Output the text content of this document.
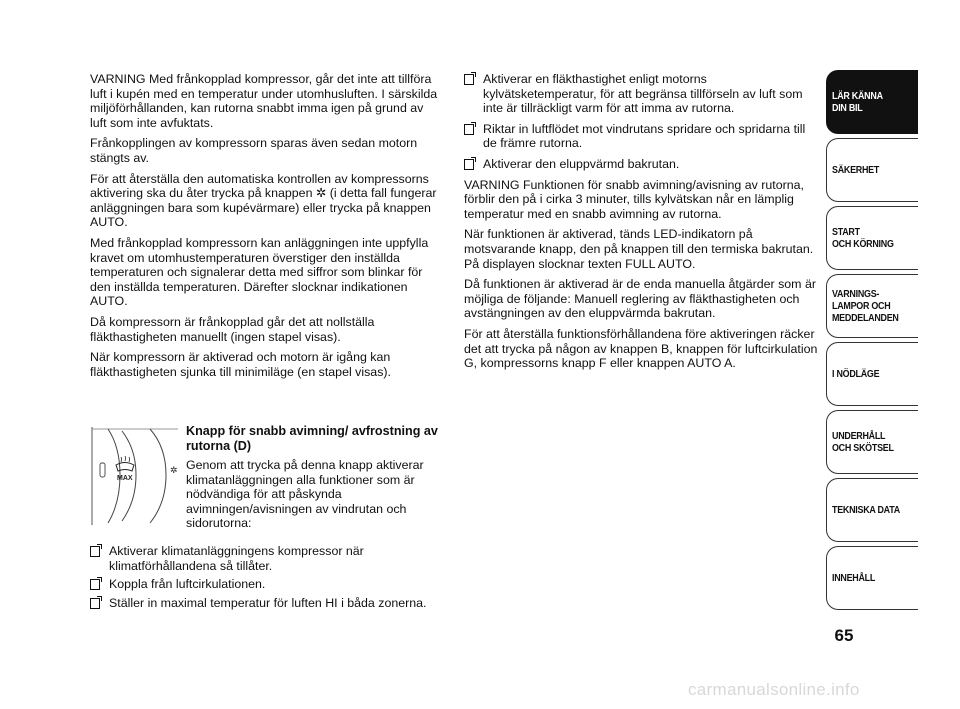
VARNING Med frånkopplad kompressor, går det inte att tillföra luft i kupén med en temperatur under utomhusluften. I särskilda miljöförhållanden, kan rutorna snabbt imma igen på grund av luft som inte avfuktats.

Frånkopplingen av kompressorn sparas även sedan motorn stängts av.

För att återställa den automatiska kontrollen av kompressorns aktivering ska du åter trycka på knappen ✲ (i detta fall fungerar anläggningen bara som kupévärmare) eller trycka på knappen AUTO.

Med frånkopplad kompressorn kan anläggningen inte uppfylla kravet om utomhustemperaturen överstiger den inställda temperaturen och signalerar detta med siffror som blinkar för den inställda temperaturen. Därefter slocknar indikationen AUTO.

Då kompressorn är frånkopplad går det att nollställa fläkthastigheten manuellt (ingen stapel visas).

När kompressorn är aktiverad och motorn är igång kan fläkthastigheten sjunka till minimiläge (en stapel visas).

MAX
✲
Knapp för snabb avimning/ avfrostning av rutorna (D)

Genom att trycka på denna knapp aktiverar klimatanläggningen alla funktioner som är nödvändiga för att påskynda avimningen/avisningen av vindrutan och sidorutorna:

Aktiverar klimatanläggningens kompressor när klimatförhållandena så tillåter.
Koppla från luftcirkulationen.
Ställer in maximal temperatur för luften HI i båda zonerna.
Aktiverar en fläkthastighet enligt motorns kylvätsketemperatur, för att begränsa tillförseln av luft som inte är tillräckligt varm för att imma av rutorna.
Riktar in luftflödet mot vindrutans spridare och spridarna till de främre rutorna.
Aktiverar den eluppvärmd bakrutan.

VARNING Funktionen för snabb avimning/avisning av rutorna, förblir den på i cirka 3 minuter, tills kylvätskan når en lämplig temperatur med en snabb avimning av rutorna.

När funktionen är aktiverad, tänds LED-indikatorn på motsvarande knapp, den på knappen till den termiska bakrutan. På displayen slocknar texten FULL AUTO.

Då funktionen är aktiverad är de enda manuella åtgärder som är möjliga de följande: Manuell reglering av fläkthastigheten och avstängningen av den eluppvärmda bakrutan.

För att återställa funktionsförhållandena före aktiveringen räcker det att trycka på någon av knappen B, knappen för luftcirkulation G, kompressorns knapp F eller knappen AUTO A.

LÄR KÄNNA
DIN BIL
SÄKERHET
START
OCH KÖRNING
VARNINGS-
LAMPOR OCH
MEDDELANDEN
I NÖDLÄGE
UNDERHÅLL
OCH SKÖTSEL
TEKNISKA DATA
INNEHÅLL
65
carmanualsonline.info
